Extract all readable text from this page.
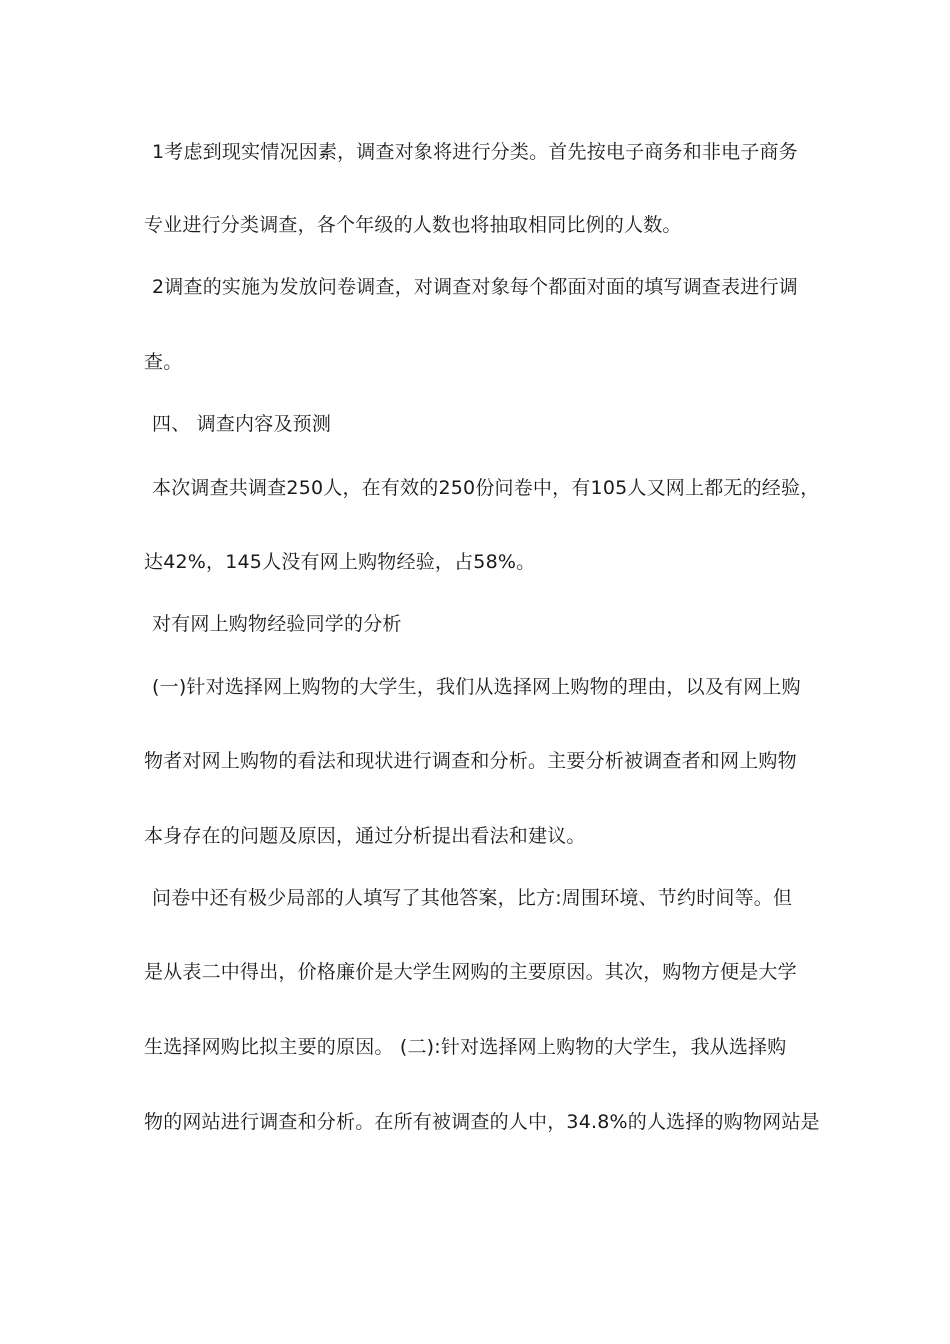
1考虑到现实情况因素，调查对象将进行分类。首先按电子商务和非电子商务
专业进行分类调查，各个年级的人数也将抽取相同比例的人数。
2调查的实施为发放问卷调查，对调查对象每个都面对面的填写调查表进行调
查。
四、 调查内容及预测
本次调查共调查250人，在有效的250份问卷中，有105人又网上都无的经验，
达42%，145人没有网上购物经验，占58%。
对有网上购物经验同学的分析
(一)针对选择网上购物的大学生，我们从选择网上购物的理由，以及有网上购
物者对网上购物的看法和现状进行调查和分析。主要分析被调查者和网上购物
本身存在的问题及原因，通过分析提出看法和建议。
问卷中还有极少局部的人填写了其他答案，比方:周围环境、节约时间等。但
是从表二中得出，价格廉价是大学生网购的主要原因。其次，购物方便是大学
生选择网购比拟主要的原因。 (二):针对选择网上购物的大学生，我从选择购
物的网站进行调查和分析。在所有被调查的人中，34.8%的人选择的购物网站是
